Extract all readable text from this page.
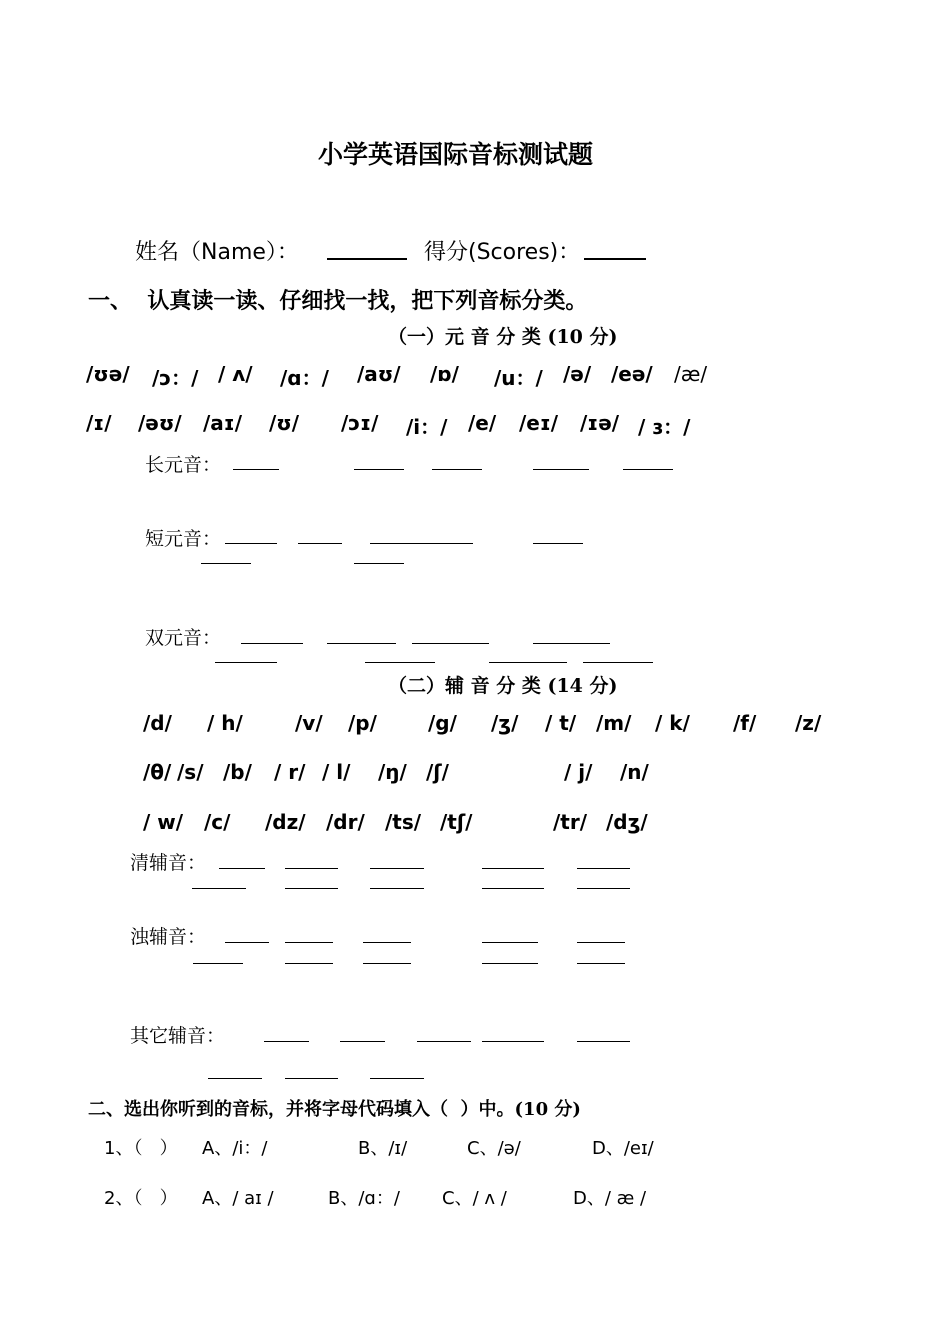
小学英语国际音标测试题
姓名（Name）：	得分(Scores)：
一、  认真读一读、仔细找一找，把下列音标分类。
（一）元 音 分 类 (10 分)
/ʊə/ /ɔ：/ / ʌ/ /ɑ：/ /aʊ/ /ɒ/ /u：/ /ə/ /eə/ /æ/
/ɪ/ /əʊ/ /aɪ/ /ʊ/ /ɔɪ/ /i：/ /e/ /eɪ/ /ɪə/ / ɜ：/
长元音：
短元音：
双元音：
（二）辅 音 分 类 (14 分)
/d/ / h/	/v/ /p/	/g/ /ʒ/ / t/ /m/ / k/ /f/ /z/
/θ/ /s/ /b/ / r/ / l/ /ŋ/ /ʃ/	/ j/ /n/
/ w/ /c/ /dz/ /dr/ /ts/ /tʃ/	/tr/ /dʒ/
清辅音：
浊辅音：
其它辅音：
二、选出你听到的音标，并将字母代码填入（  ）中。(10 分)
1、（   ） A、/i：/	B、/ɪ/	C、/ə/	D、/eɪ/
2、（   ） A、/ aɪ /	B、/ɑ：/ C、/ ʌ /	D、/ æ /
